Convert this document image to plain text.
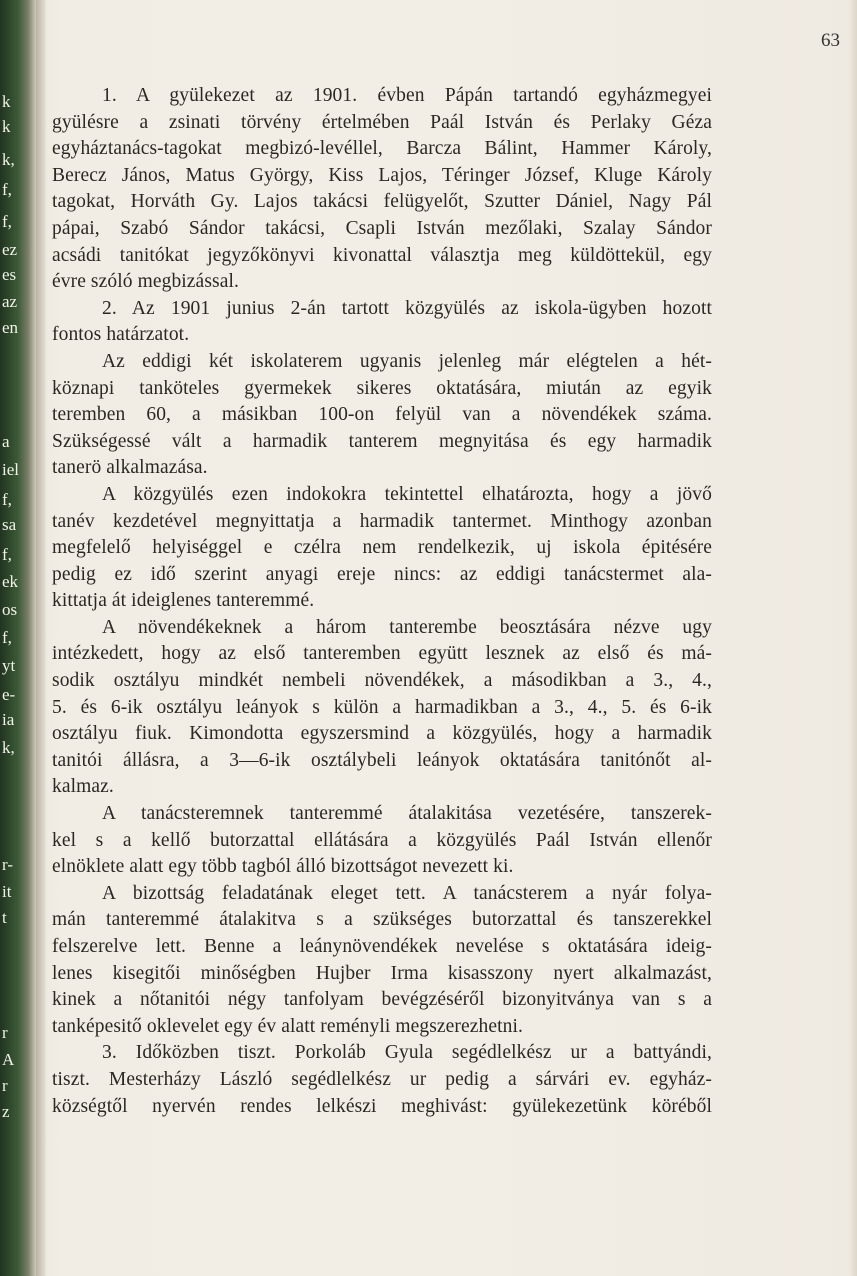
k
k
k,
f,
f,
ez
es
az
en
a
iel
f,
sa
f,
ek
os
f,
yt
e-
ia
k,
r-
it
t
r
A
r
z
63
1. A gyülekezet az 1901. évben Pápán tartandó egyházmegyei
gyülésre a zsinati törvény értelmében Paál István és Perlaky Géza
egyháztanács-tagokat megbizó-levéllel, Barcza Bálint, Hammer Károly,
Berecz János, Matus György, Kiss Lajos, Téringer József, Kluge Károly
tagokat, Horváth Gy. Lajos takácsi felügyelőt, Szutter Dániel, Nagy Pál
pápai, Szabó Sándor takácsi, Csapli István mezőlaki, Szalay Sándor
acsádi tanitókat jegyzőkönyvi kivonattal választja meg küldöttekül, egy
évre szóló megbizással.
2. Az 1901 junius 2-án tartott közgyülés az iskola-ügyben hozott
fontos határzatot.
Az eddigi két iskolaterem ugyanis jelenleg már elégtelen a hét-
köznapi tanköteles gyermekek sikeres oktatására, miután az egyik
teremben 60, a másikban 100-on felyül van a növendékek száma.
Szükségessé vált a harmadik tanterem megnyitása és egy harmadik
tanerö alkalmazása.
A közgyülés ezen indokokra tekintettel elhatározta, hogy a jövő
tanév kezdetével megnyittatja a harmadik tantermet. Minthogy azonban
megfelelő helyiséggel e czélra nem rendelkezik, uj iskola épitésére
pedig ez idő szerint anyagi ereje nincs: az eddigi tanácstermet ala-
kittatja át ideiglenes tanteremmé.
A növendékeknek a három tanterembe beosztására nézve ugy
intézkedett, hogy az első tanteremben együtt lesznek az első és má-
sodik osztályu mindkét nembeli növendékek, a másodikban a 3., 4.,
5. és 6-ik osztályu leányok s külön a harmadikban a 3., 4., 5. és 6-ik
osztályu fiuk. Kimondotta egyszersmind a közgyülés, hogy a harmadik
tanitói állásra, a 3—6-ik osztálybeli leányok oktatására tanitónőt al-
kalmaz.
A tanácsteremnek tanteremmé átalakitása vezetésére, tanszerek-
kel s a kellő butorzattal ellátására a közgyülés Paál István ellenőr
elnöklete alatt egy több tagból álló bizottságot nevezett ki.
A bizottság feladatának eleget tett. A tanácsterem a nyár folya-
mán tanteremmé átalakitva s a szükséges butorzattal és tanszerekkel
felszerelve lett. Benne a leánynövendékek nevelése s oktatására ideig-
lenes kisegitői minőségben Hujber Irma kisasszony nyert alkalmazást,
kinek a nőtanitói négy tanfolyam bevégzéséről bizonyitványa van s a
tanképesitő oklevelet egy év alatt reményli megszerezhetni.
3. Időközben tiszt. Porkoláb Gyula segédlelkész ur a battyándi,
tiszt. Mesterházy László segédlelkész ur pedig a sárvári ev. egyház-
községtől nyervén rendes lelkészi meghivást: gyülekezetünk köréből
